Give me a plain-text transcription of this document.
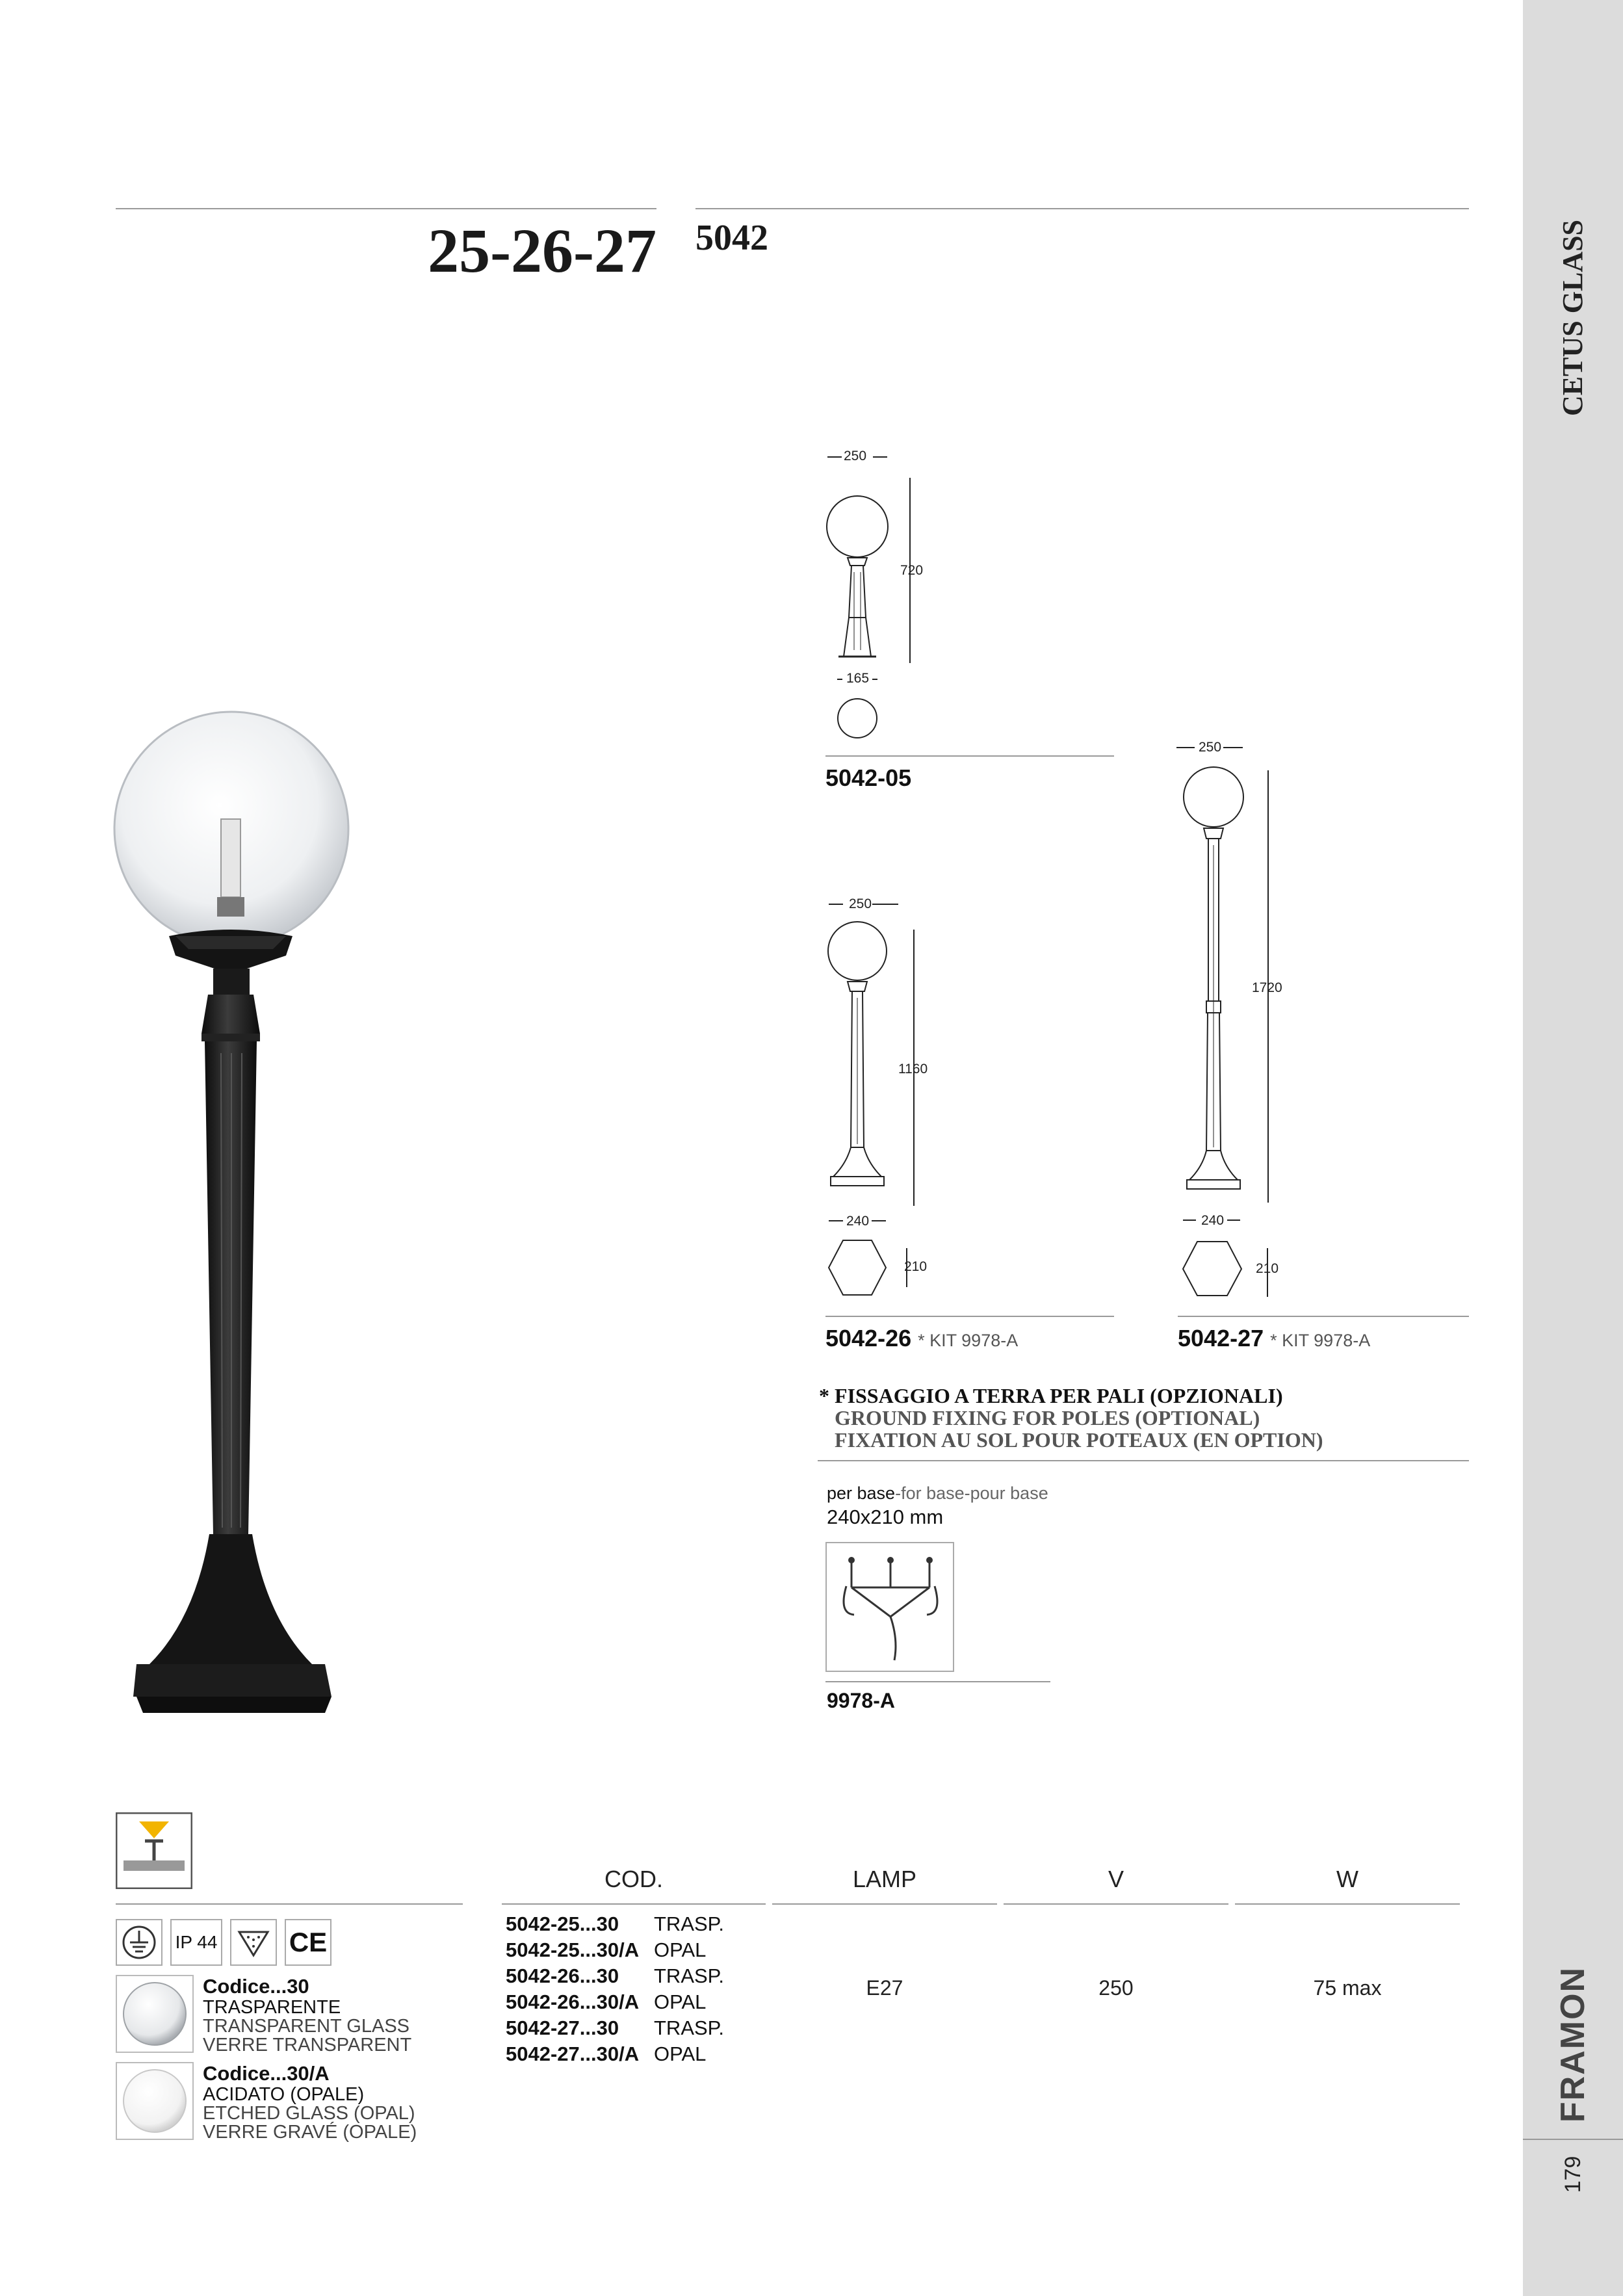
CETUS GLASS
FRAMON
179
25-26-27 5042
250
720
165
5042-05
250
1160
240
210
5042-26 * KIT 9978-A
250
1720
240
210
5042-27 * KIT 9978-A
* FISSAGGIO A TERRA PER PALI (OPZIONALI)
GROUND FIXING FOR POLES (OPTIONAL)
FIXATION AU SOL POUR POTEAUX (EN OPTION)
per base-for base-pour base
240x210 mm
9978-A
COD.	LAMP	V	W
5042-25...30 TRASP.
5042-25...30/A OPAL
5042-26...30 TRASP.
5042-26...30/A OPAL
5042-27...30 TRASP.
5042-27...30/A OPAL
E27	250	75 max
IP 44	CE
Codice...30
TRASPARENTE
TRANSPARENT GLASS
VERRE TRANSPARENT
Codice...30/A
ACIDATO (OPALE)
ETCHED GLASS (OPAL)
VERRE GRAVÉ (OPALE)
